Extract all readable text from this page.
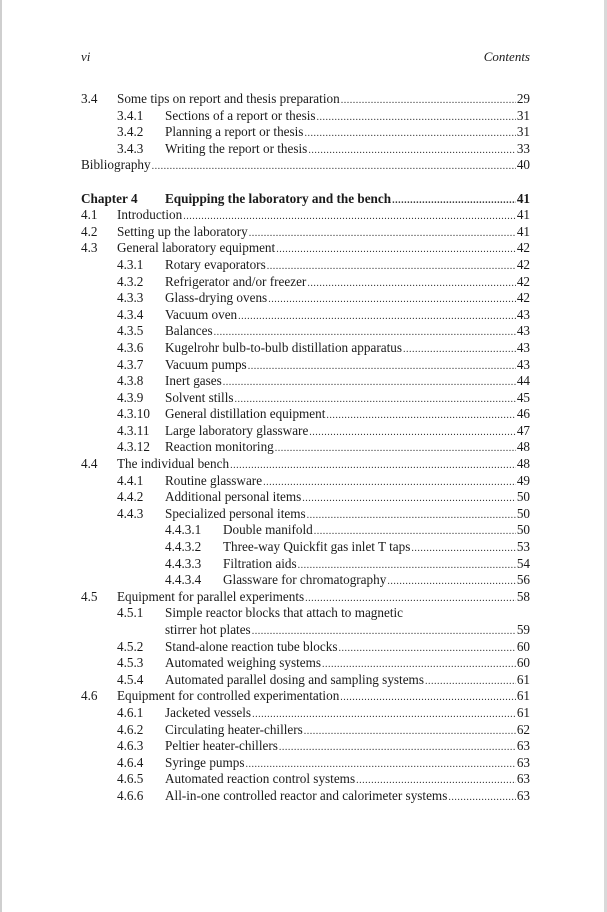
vi	Contents
3.4 Some tips on report and thesis preparation .....	29
3.4.1 Sections of a report or thesis .....	31
3.4.2 Planning a report or thesis .....	31
3.4.3 Writing the report or thesis .....	33
Bibliography .....	40
Chapter 4 Equipping the laboratory and the bench .....	41
4.1 Introduction .....	41
4.2 Setting up the laboratory .....	41
4.3 General laboratory equipment .....	42
4.3.1 Rotary evaporators .....	42
4.3.2 Refrigerator and/or freezer .....	42
4.3.3 Glass-drying ovens .....	42
4.3.4 Vacuum oven .....	43
4.3.5 Balances .....	43
4.3.6 Kugelrohr bulb-to-bulb distillation apparatus .....	43
4.3.7 Vacuum pumps .....	43
4.3.8 Inert gases .....	44
4.3.9 Solvent stills .....	45
4.3.10 General distillation equipment .....	46
4.3.11 Large laboratory glassware .....	47
4.3.12 Reaction monitoring .....	48
4.4 The individual bench .....	48
4.4.1 Routine glassware .....	49
4.4.2 Additional personal items .....	50
4.4.3 Specialized personal items .....	50
4.4.3.1 Double manifold .....	50
4.4.3.2 Three-way Quickfit gas inlet T taps .....	53
4.4.3.3 Filtration aids .....	54
4.4.3.4 Glassware for chromatography .....	56
4.5 Equipment for parallel experiments .....	58
4.5.1 Simple reactor blocks that attach to magnetic
stirrer hot plates .....	59
4.5.2 Stand-alone reaction tube blocks .....	60
4.5.3 Automated weighing systems .....	60
4.5.4 Automated parallel dosing and sampling systems .....	61
4.6 Equipment for controlled experimentation .....	61
4.6.1 Jacketed vessels .....	61
4.6.2 Circulating heater-chillers .....	62
4.6.3 Peltier heater-chillers .....	63
4.6.4 Syringe pumps .....	63
4.6.5 Automated reaction control systems .....	63
4.6.6 All-in-one controlled reactor and calorimeter systems .....	63
